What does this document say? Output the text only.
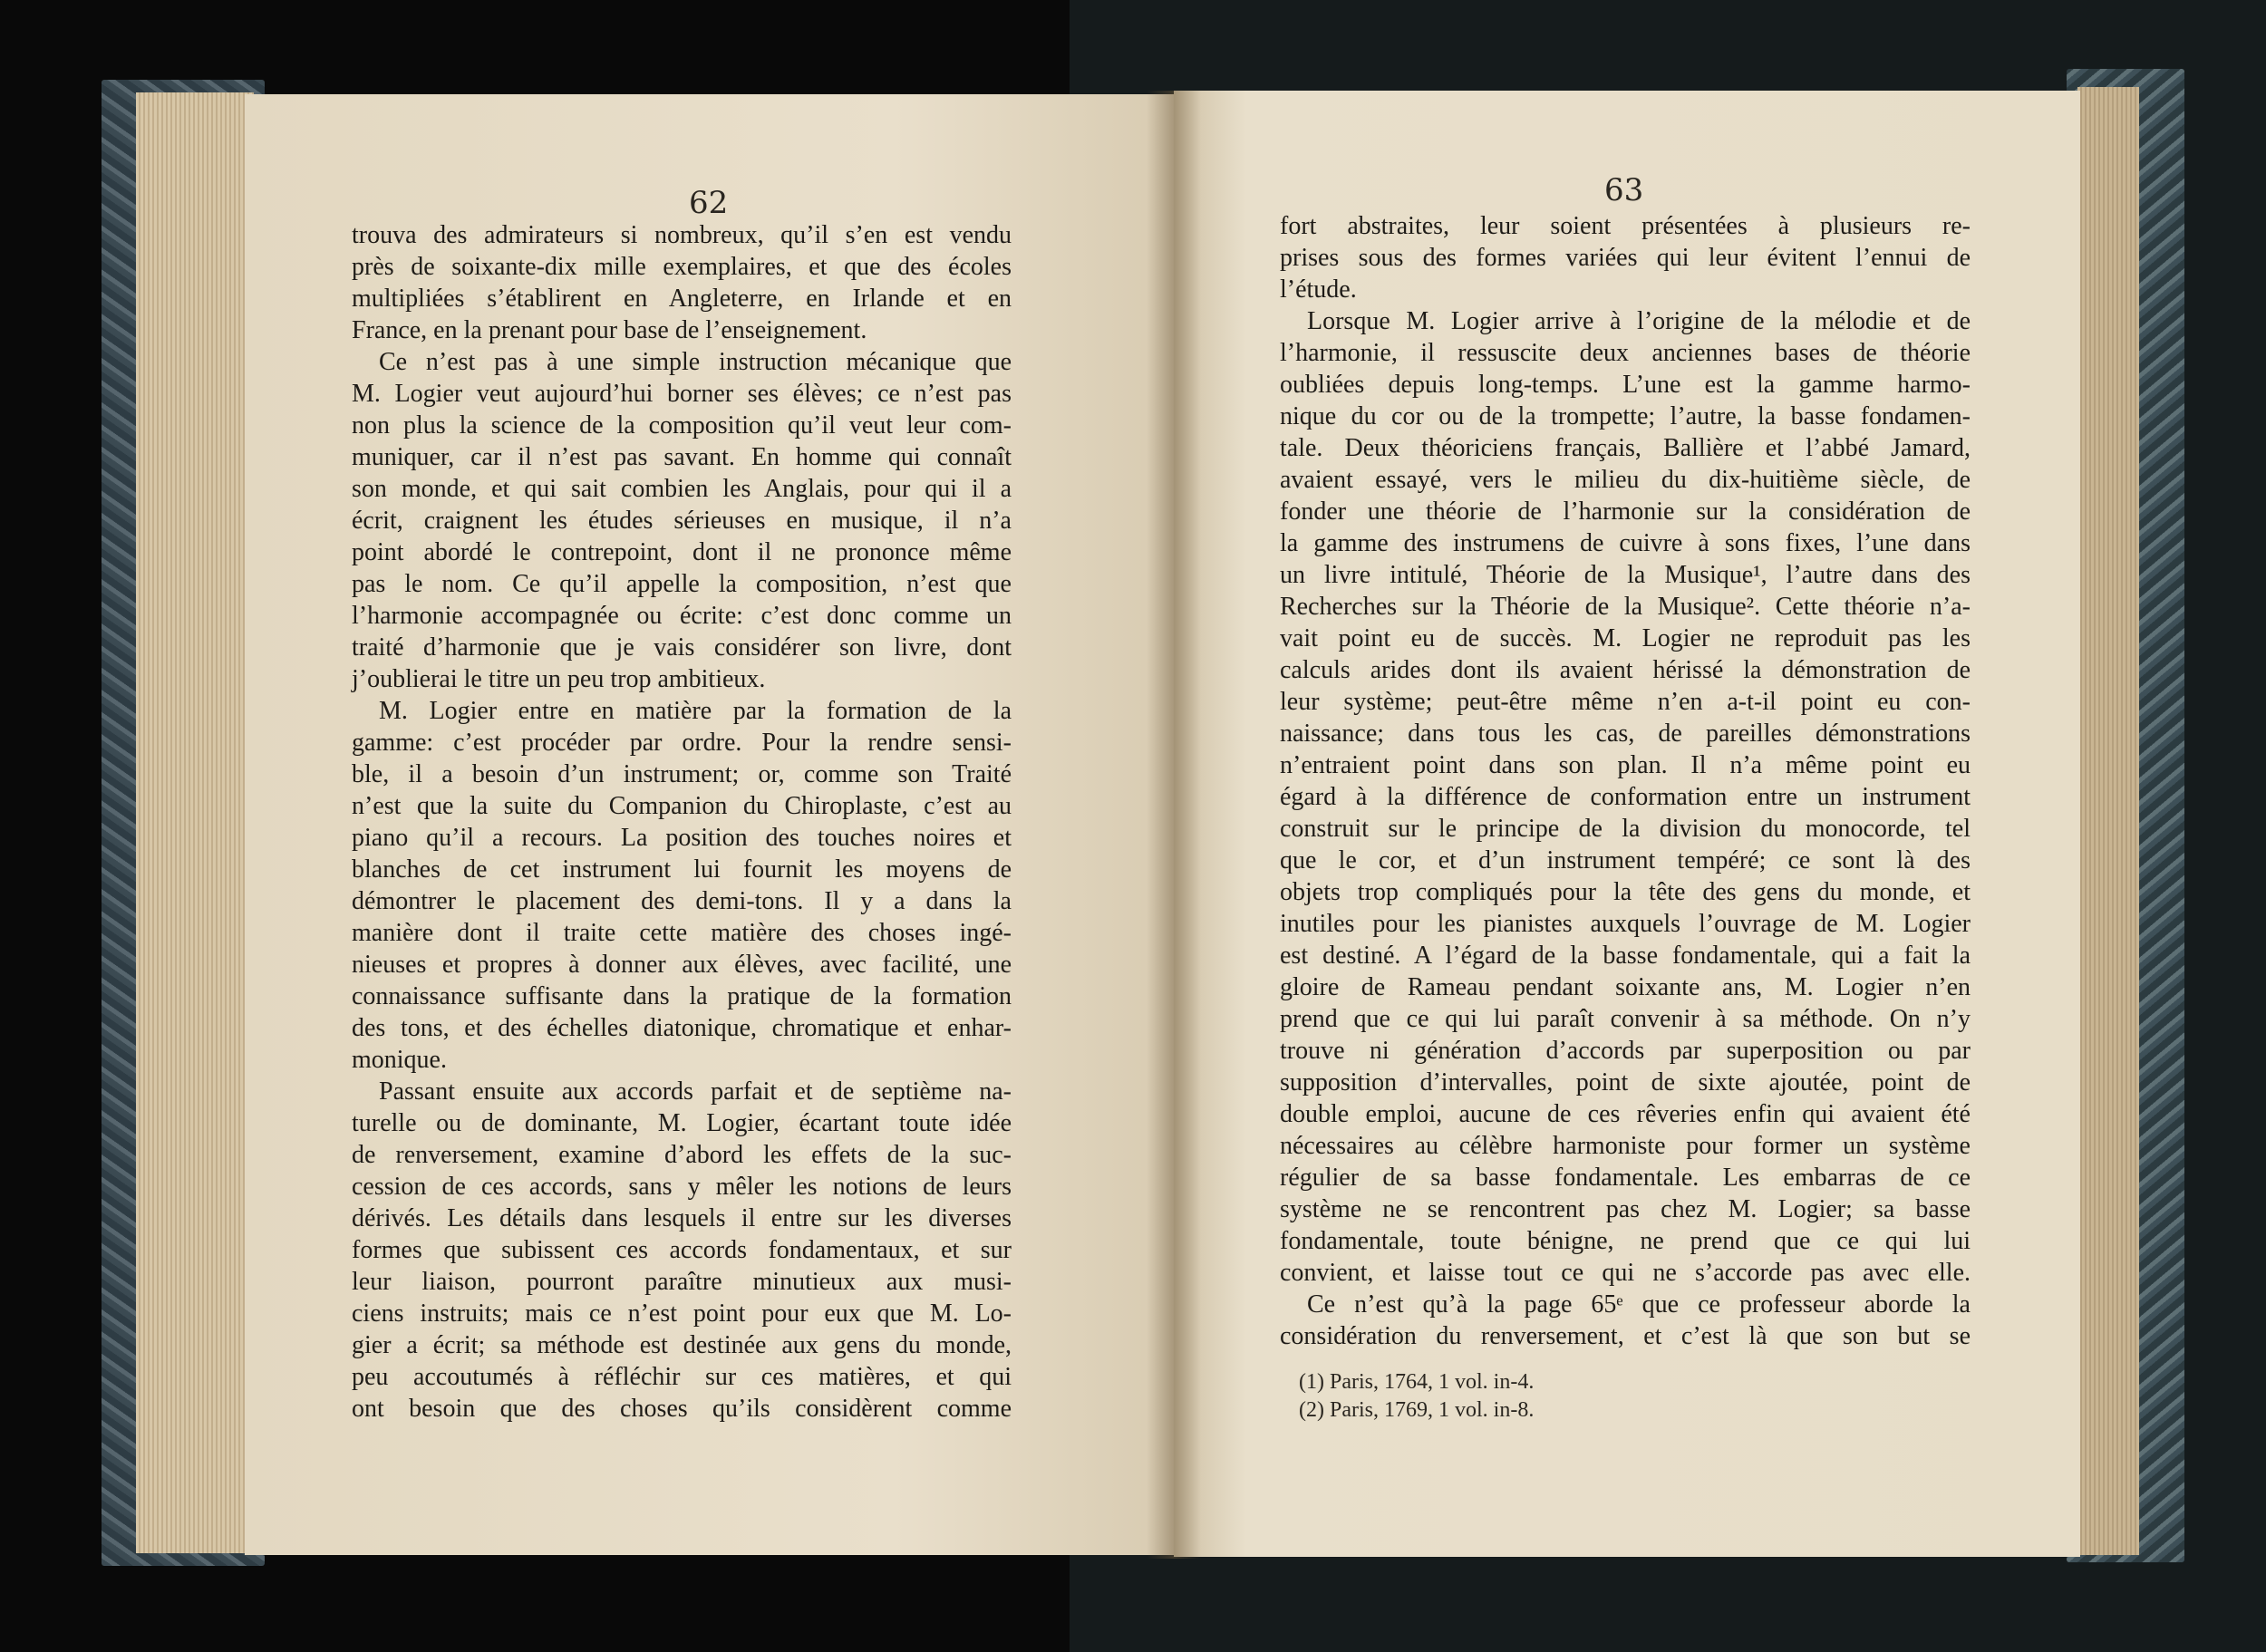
62
trouva des admirateurs si nombreux, qu’il s’en est vendu
près de soixante-dix mille exemplaires, et que des écoles
multipliées s’établirent en Angleterre, en Irlande et en
France, en la prenant pour base de l’enseignement.
Ce n’est pas à une simple instruction mécanique que
M. Logier veut aujourd’hui borner ses élèves; ce n’est pas
non plus la science de la composition qu’il veut leur com-
muniquer, car il n’est pas savant. En homme qui connaît
son monde, et qui sait combien les Anglais, pour qui il a
écrit, craignent les études sérieuses en musique, il n’a
point abordé le contrepoint, dont il ne prononce même
pas le nom. Ce qu’il appelle la composition, n’est que
l’harmonie accompagnée ou écrite: c’est donc comme un
traité d’harmonie que je vais considérer son livre, dont
j’oublierai le titre un peu trop ambitieux.
M. Logier entre en matière par la formation de la
gamme: c’est procéder par ordre. Pour la rendre sensi-
ble, il a besoin d’un instrument; or, comme son Traité
n’est que la suite du Companion du Chiroplaste, c’est au
piano qu’il a recours. La position des touches noires et
blanches de cet instrument lui fournit les moyens de
démontrer le placement des demi-tons. Il y a dans la
manière dont il traite cette matière des choses ingé-
nieuses et propres à donner aux élèves, avec facilité, une
connaissance suffisante dans la pratique de la formation
des tons, et des échelles diatonique, chromatique et enhar-
monique.
Passant ensuite aux accords parfait et de septième na-
turelle ou de dominante, M. Logier, écartant toute idée
de renversement, examine d’abord les effets de la suc-
cession de ces accords, sans y mêler les notions de leurs
dérivés. Les détails dans lesquels il entre sur les diverses
formes que subissent ces accords fondamentaux, et sur
leur liaison, pourront paraître minutieux aux musi-
ciens instruits; mais ce n’est point pour eux que M. Lo-
gier a écrit; sa méthode est destinée aux gens du monde,
peu accoutumés à réfléchir sur ces matières, et qui
ont besoin que des choses qu’ils considèrent comme
63
fort abstraites, leur soient présentées à plusieurs re-
prises sous des formes variées qui leur évitent l’ennui de
l’étude.
Lorsque M. Logier arrive à l’origine de la mélodie et de
l’harmonie, il ressuscite deux anciennes bases de théorie
oubliées depuis long-temps. L’une est la gamme harmo-
nique du cor ou de la trompette; l’autre, la basse fondamen-
tale. Deux théoriciens français, Ballière et l’abbé Jamard,
avaient essayé, vers le milieu du dix-huitième siècle, de
fonder une théorie de l’harmonie sur la considération de
la gamme des instrumens de cuivre à sons fixes, l’une dans
un livre intitulé, Théorie de la Musique¹, l’autre dans des
Recherches sur la Théorie de la Musique². Cette théorie n’a-
vait point eu de succès. M. Logier ne reproduit pas les
calculs arides dont ils avaient hérissé la démonstration de
leur système; peut-être même n’en a-t-il point eu con-
naissance; dans tous les cas, de pareilles démonstrations
n’entraient point dans son plan. Il n’a même point eu
égard à la différence de conformation entre un instrument
construit sur le principe de la division du monocorde, tel
que le cor, et d’un instrument tempéré; ce sont là des
objets trop compliqués pour la tête des gens du monde, et
inutiles pour les pianistes auxquels l’ouvrage de M. Logier
est destiné. A l’égard de la basse fondamentale, qui a fait la
gloire de Rameau pendant soixante ans, M. Logier n’en
prend que ce qui lui paraît convenir à sa méthode. On n’y
trouve ni génération d’accords par superposition ou par
supposition d’intervalles, point de sixte ajoutée, point de
double emploi, aucune de ces rêveries enfin qui avaient été
nécessaires au célèbre harmoniste pour former un système
régulier de sa basse fondamentale. Les embarras de ce
système ne se rencontrent pas chez M. Logier; sa basse
fondamentale, toute bénigne, ne prend que ce qui lui
convient, et laisse tout ce qui ne s’accorde pas avec elle.
Ce n’est qu’à la page 65ᵉ que ce professeur aborde la
considération du renversement, et c’est là que son but se
(1) Paris, 1764, 1 vol. in-4.
(2) Paris, 1769, 1 vol. in-8.
